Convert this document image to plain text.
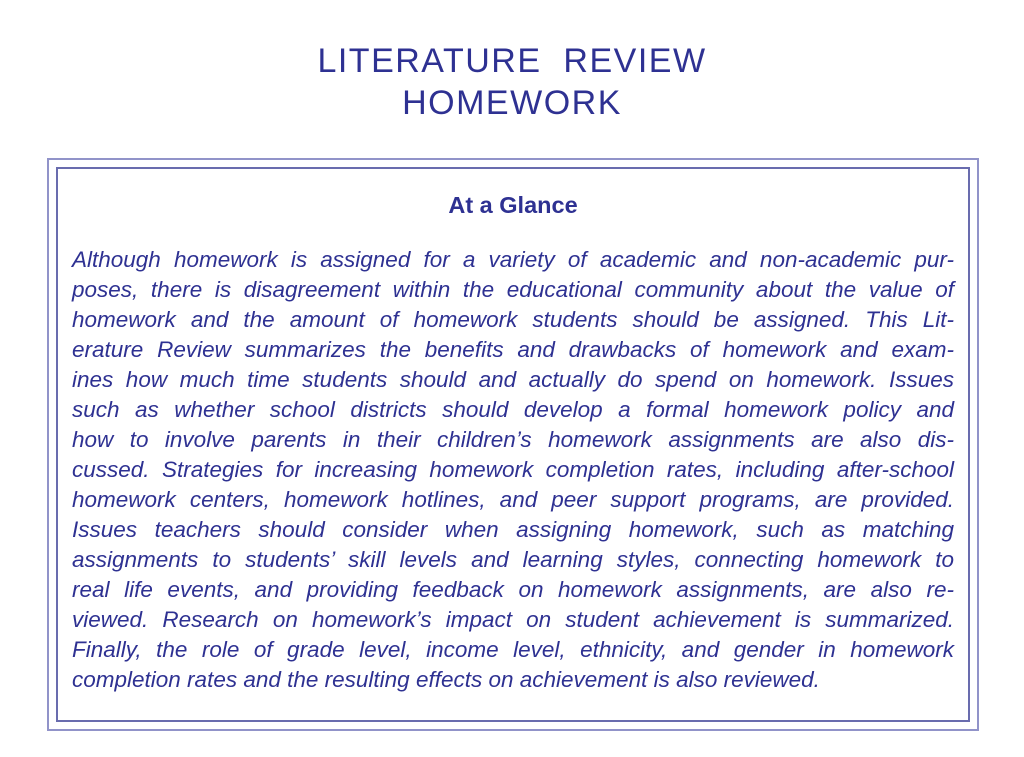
LITERATURE  REVIEW
HOMEWORK
At a Glance
Although homework is assigned for a variety of academic and non-academic pur-
poses, there is disagreement within the educational community about the value of
homework and the amount of homework students should be assigned. This Lit-
erature Review summarizes the benefits and drawbacks of homework and exam-
ines how much time students should and actually do spend on homework. Issues
such as whether school districts should develop a formal homework policy and
how to involve parents in their children’s homework assignments are also dis-
cussed. Strategies for increasing homework completion rates, including after-school
homework centers, homework hotlines, and peer support programs, are provided.
Issues teachers should consider when assigning homework, such as matching
assignments to students’ skill levels and learning styles, connecting homework to
real life events, and providing feedback on homework assignments, are also re-
viewed. Research on homework’s impact on student achievement is summarized.
Finally, the role of grade level, income level, ethnicity, and gender in homework
completion rates and the resulting effects on achievement is also reviewed.
